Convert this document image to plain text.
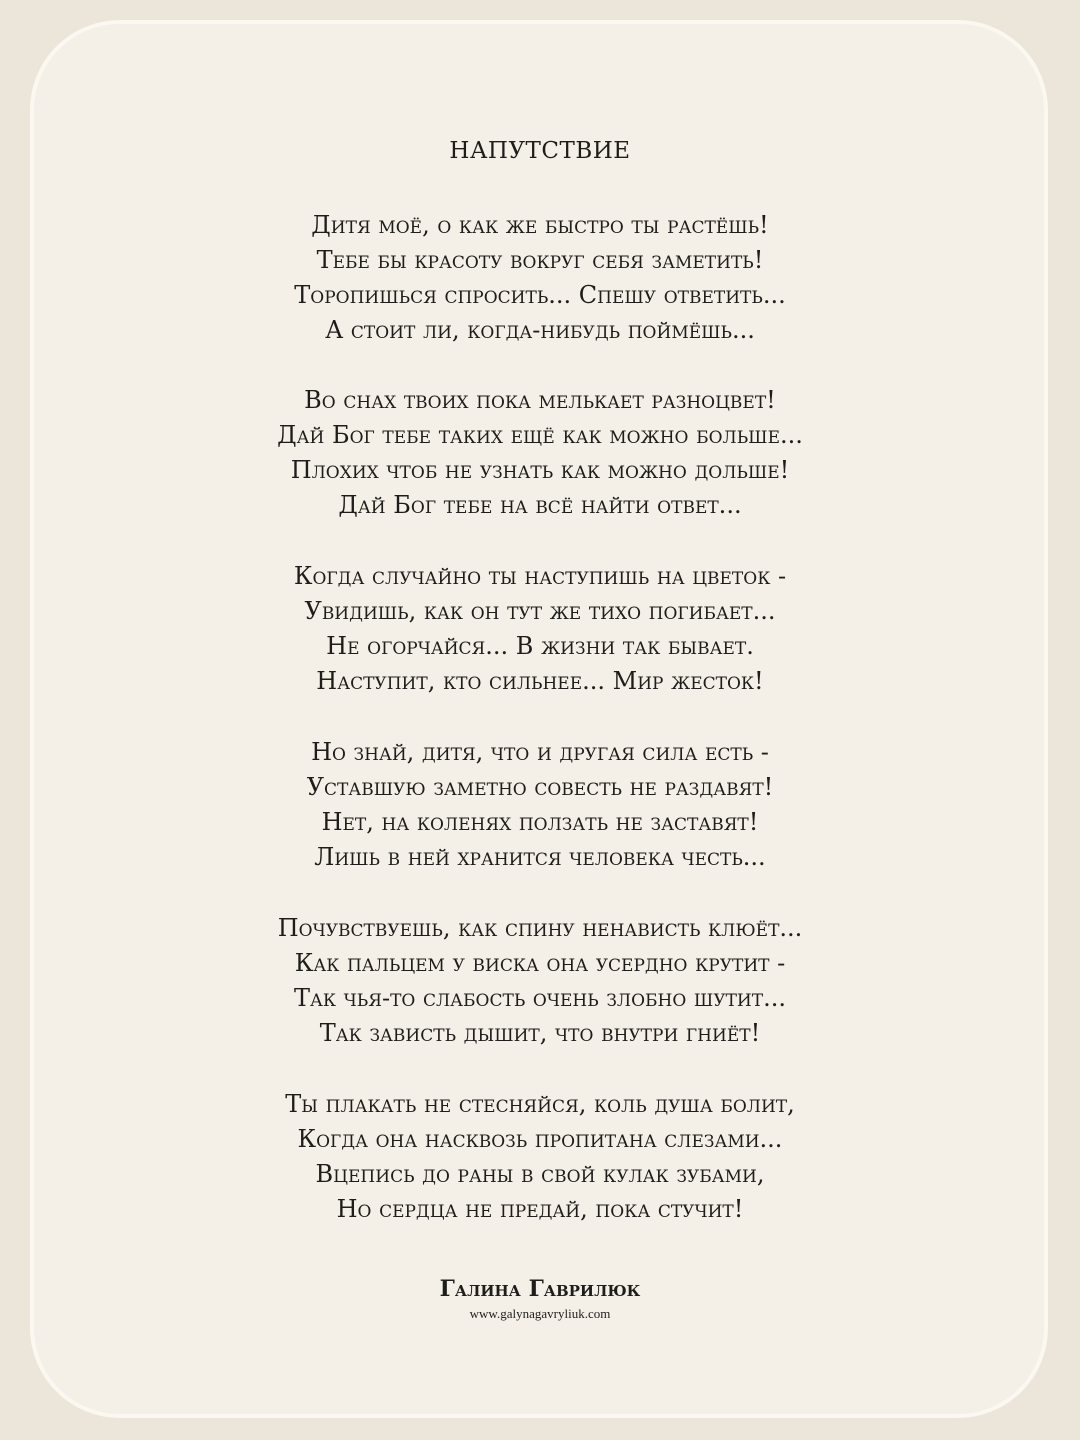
НАПУТСТВИЕ
Дитя моё, о как же быстро ты растёшь!
Тебе бы красоту вокруг себя заметить!
Торопишься спросить... Спешу ответить...
А стоит ли, когда-нибудь поймёшь...
Во снах твоих пока мелькает разноцвет!
Дай Бог тебе таких ещё как можно больше...
Плохих чтоб не узнать как можно дольше!
Дай Бог тебе на всё найти ответ...
Когда случайно ты наступишь на цветок -
Увидишь, как он тут же тихо погибает...
Не огорчайся... В жизни так бывает.
Наступит, кто сильнее... Мир жесток!
Но знай, дитя, что и другая сила есть -
Уставшую заметно совесть не раздавят!
Нет, на коленях ползать не заставят!
Лишь в ней хранится человека честь...
Почувствуешь, как спину ненависть клюёт...
Как пальцем у виска она усердно крутит -
Так чья-то слабость очень злобно шутит...
Так зависть дышит, что внутри гниёт!
Ты плакать не стесняйся, коль душа болит,
Когда она насквозь пропитана слезами...
Вцепись до раны в свой кулак зубами,
Но сердца не предай, пока стучит!
Галина Гаврилюк
www.galynagavryliuk.com
